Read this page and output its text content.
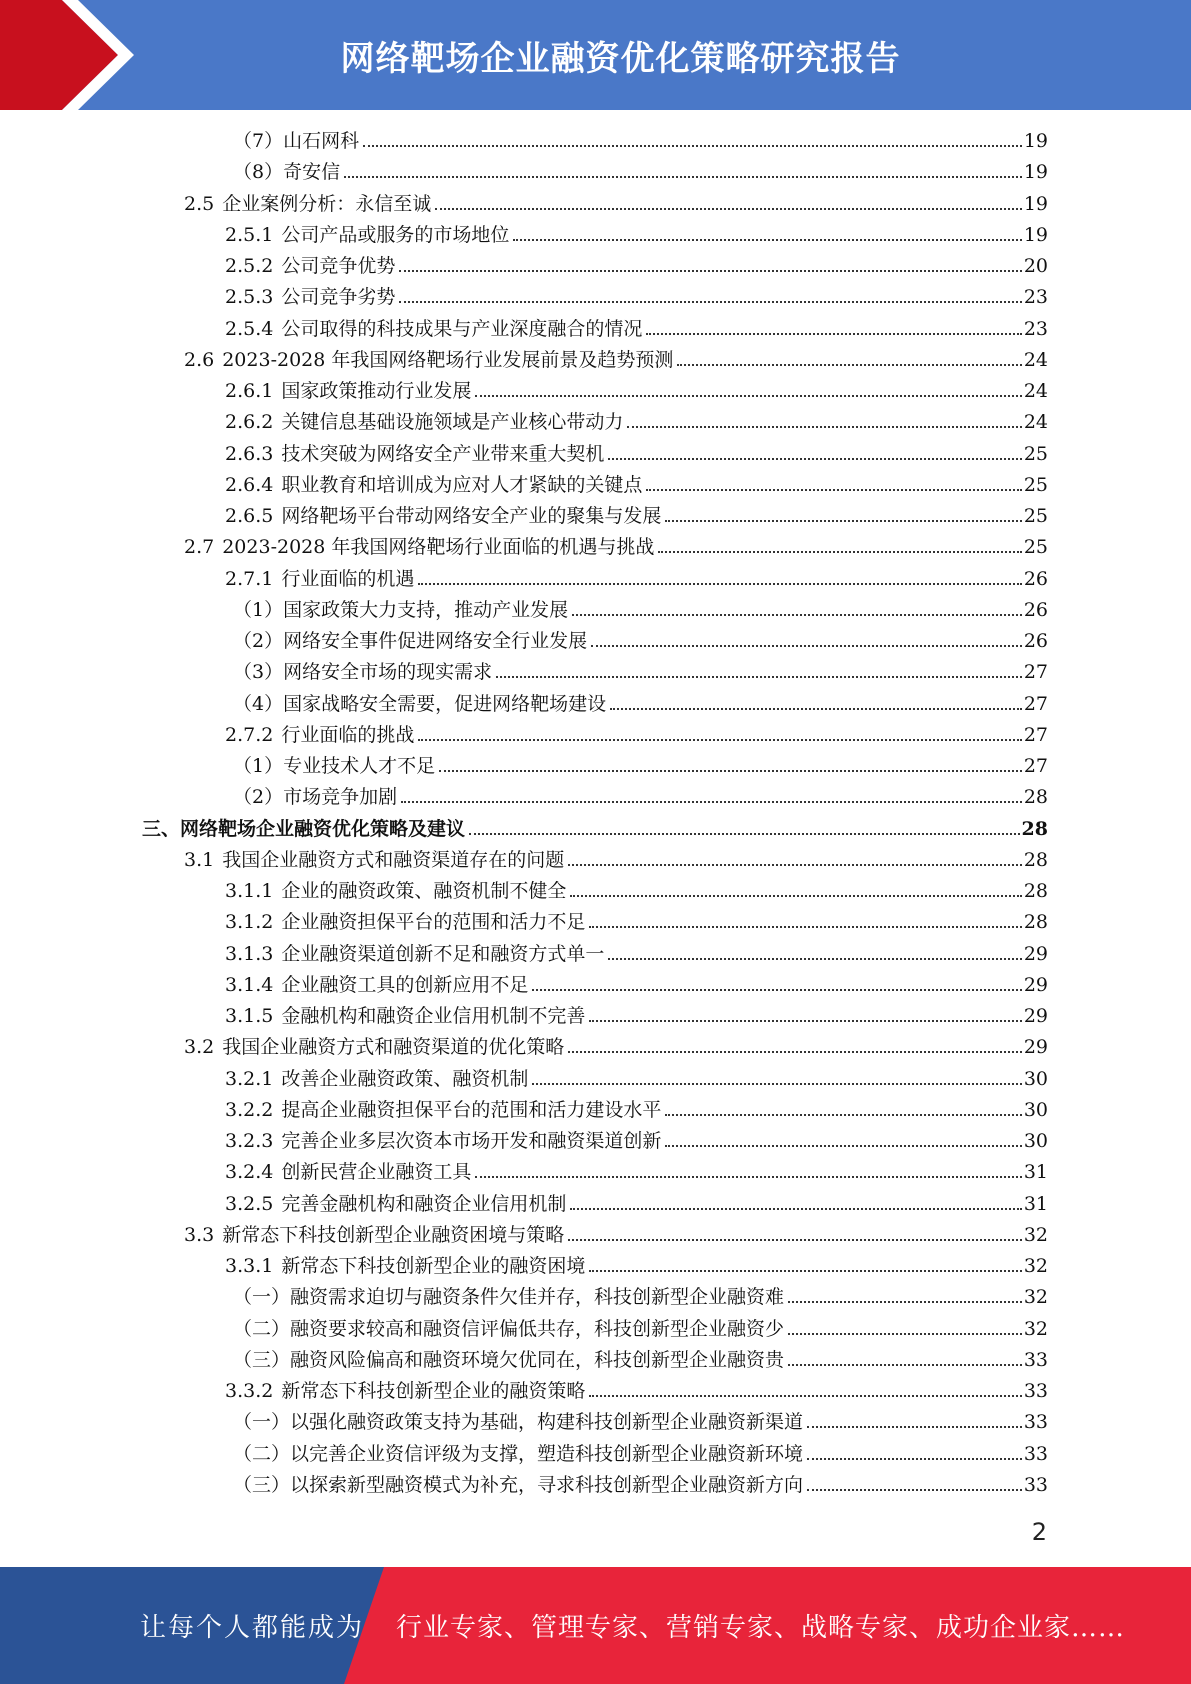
网络靶场企业融资优化策略研究报告
（7） 山石网科	19
（8） 奇安信	19
2.5 企业案例分析：永信至诚	19
2.5.1 公司产品或服务的市场地位	19
2.5.2 公司竞争优势	20
2.5.3 公司竞争劣势	23
2.5.4 公司取得的科技成果与产业深度融合的情况	23
2.6 2023-2028 年我国网络靶场行业发展前景及趋势预测	24
2.6.1 国家政策推动行业发展	24
2.6.2 关键信息基础设施领域是产业核心带动力	24
2.6.3 技术突破为网络安全产业带来重大契机	25
2.6.4 职业教育和培训成为应对人才紧缺的关键点	25
2.6.5 网络靶场平台带动网络安全产业的聚集与发展	25
2.7 2023-2028 年我国网络靶场行业面临的机遇与挑战	25
2.7.1 行业面临的机遇	26
（1） 国家政策大力支持，推动产业发展	26
（2） 网络安全事件促进网络安全行业发展	26
（3） 网络安全市场的现实需求	27
（4） 国家战略安全需要，促进网络靶场建设	27
2.7.2 行业面临的挑战	27
（1） 专业技术人才不足	27
（2） 市场竞争加剧	28
三、 网络靶场企业融资优化策略及建议	28
3.1 我国企业融资方式和融资渠道存在的问题	28
3.1.1 企业的融资政策、融资机制不健全	28
3.1.2 企业融资担保平台的范围和活力不足	28
3.1.3 企业融资渠道创新不足和融资方式单一	29
3.1.4 企业融资工具的创新应用不足	29
3.1.5 金融机构和融资企业信用机制不完善	29
3.2 我国企业融资方式和融资渠道的优化策略	29
3.2.1 改善企业融资政策、融资机制	30
3.2.2 提高企业融资担保平台的范围和活力建设水平	30
3.2.3 完善企业多层次资本市场开发和融资渠道创新	30
3.2.4 创新民营企业融资工具	31
3.2.5 完善金融机构和融资企业信用机制	31
3.3 新常态下科技创新型企业融资困境与策略	32
3.3.1 新常态下科技创新型企业的融资困境	32
（一） 融资需求迫切与融资条件欠佳并存，科技创新型企业融资难	32
（二） 融资要求较高和融资信评偏低共存，科技创新型企业融资少	32
（三） 融资风险偏高和融资环境欠优同在，科技创新型企业融资贵	33
3.3.2 新常态下科技创新型企业的融资策略	33
（一） 以强化融资政策支持为基础，构建科技创新型企业融资新渠道	33
（二） 以完善企业资信评级为支撑，塑造科技创新型企业融资新环境	33
（三） 以探索新型融资模式为补充，寻求科技创新型企业融资新方向	33
2
让每个人都能成为	行业专家、管理专家、营销专家、战略专家、成功企业家……
